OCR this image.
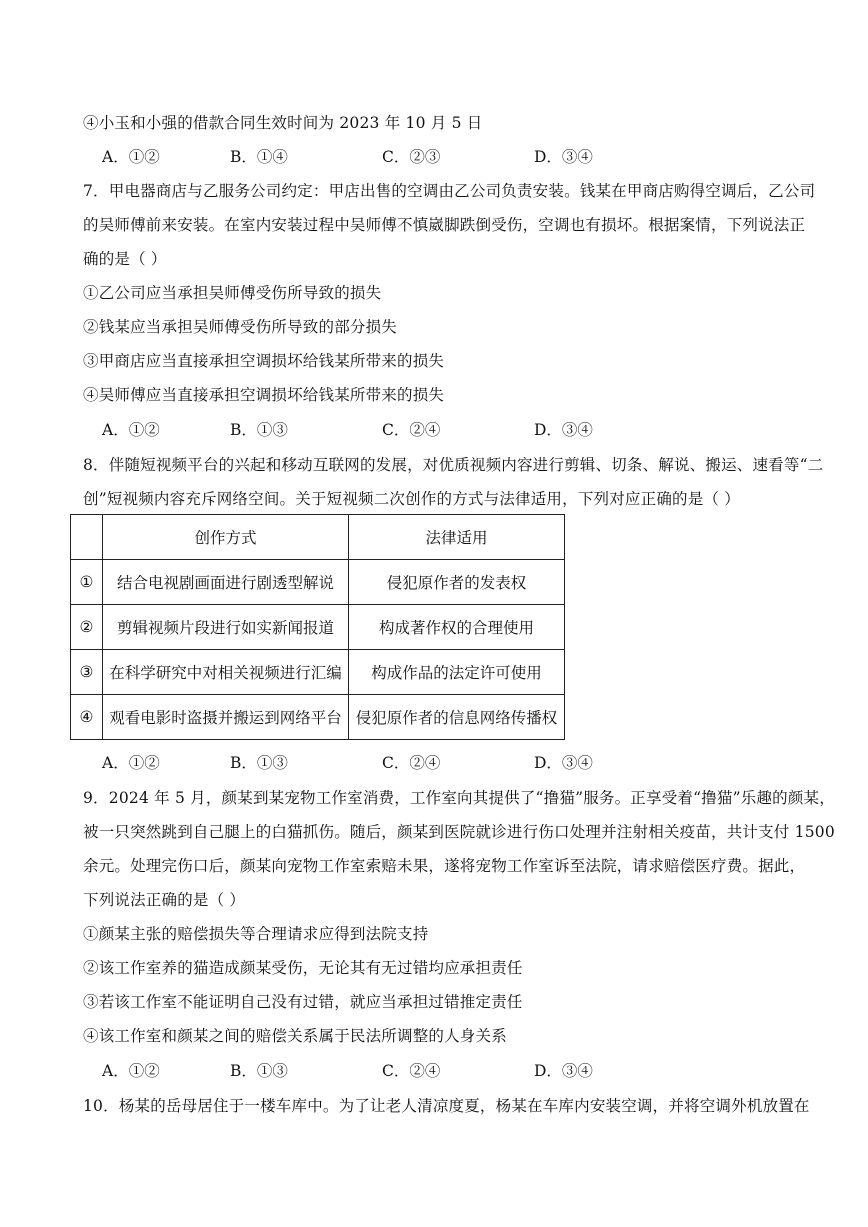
④小玉和小强的借款合同生效时间为 2023 年 10 月 5 日
A．①②	B．①④	C．②③	D．③④
7．甲电器商店与乙服务公司约定：甲店出售的空调由乙公司负责安装。钱某在甲商店购得空调后，乙公司
的吴师傅前来安装。在室内安装过程中吴师傅不慎崴脚跌倒受伤，空调也有损坏。根据案情，下列说法正
确的是（ ）
①乙公司应当承担吴师傅受伤所导致的损失
②钱某应当承担吴师傅受伤所导致的部分损失
③甲商店应当直接承担空调损坏给钱某所带来的损失
④吴师傅应当直接承担空调损坏给钱某所带来的损失
A．①②	B．①③	C．②④	D．③④
8．伴随短视频平台的兴起和移动互联网的发展，对优质视频内容进行剪辑、切条、解说、搬运、速看等“二
创”短视频内容充斥网络空间。关于短视频二次创作的方式与法律适用，下列对应正确的是（ ）
	创作方式	法律适用
①	结合电视剧画面进行剧透型解说	侵犯原作者的发表权
②	剪辑视频片段进行如实新闻报道	构成著作权的合理使用
③	在科学研究中对相关视频进行汇编	构成作品的法定许可使用
④	观看电影时盗摄并搬运到网络平台	侵犯原作者的信息网络传播权
A．①②	B．①③	C．②④	D．③④
9．2024 年 5 月，颜某到某宠物工作室消费，工作室向其提供了“撸猫”服务。正享受着“撸猫”乐趣的颜某，
被一只突然跳到自己腿上的白猫抓伤。随后，颜某到医院就诊进行伤口处理并注射相关疫苗，共计支付 1500
余元。处理完伤口后，颜某向宠物工作室索赔未果，遂将宠物工作室诉至法院，请求赔偿医疗费。据此，
下列说法正确的是（ ）
①颜某主张的赔偿损失等合理请求应得到法院支持
②该工作室养的猫造成颜某受伤，无论其有无过错均应承担责任
③若该工作室不能证明自己没有过错，就应当承担过错推定责任
④该工作室和颜某之间的赔偿关系属于民法所调整的人身关系
A．①②	B．①③	C．②④	D．③④
10．杨某的岳母居住于一楼车库中。为了让老人清凉度夏，杨某在车库内安装空调，并将空调外机放置在
